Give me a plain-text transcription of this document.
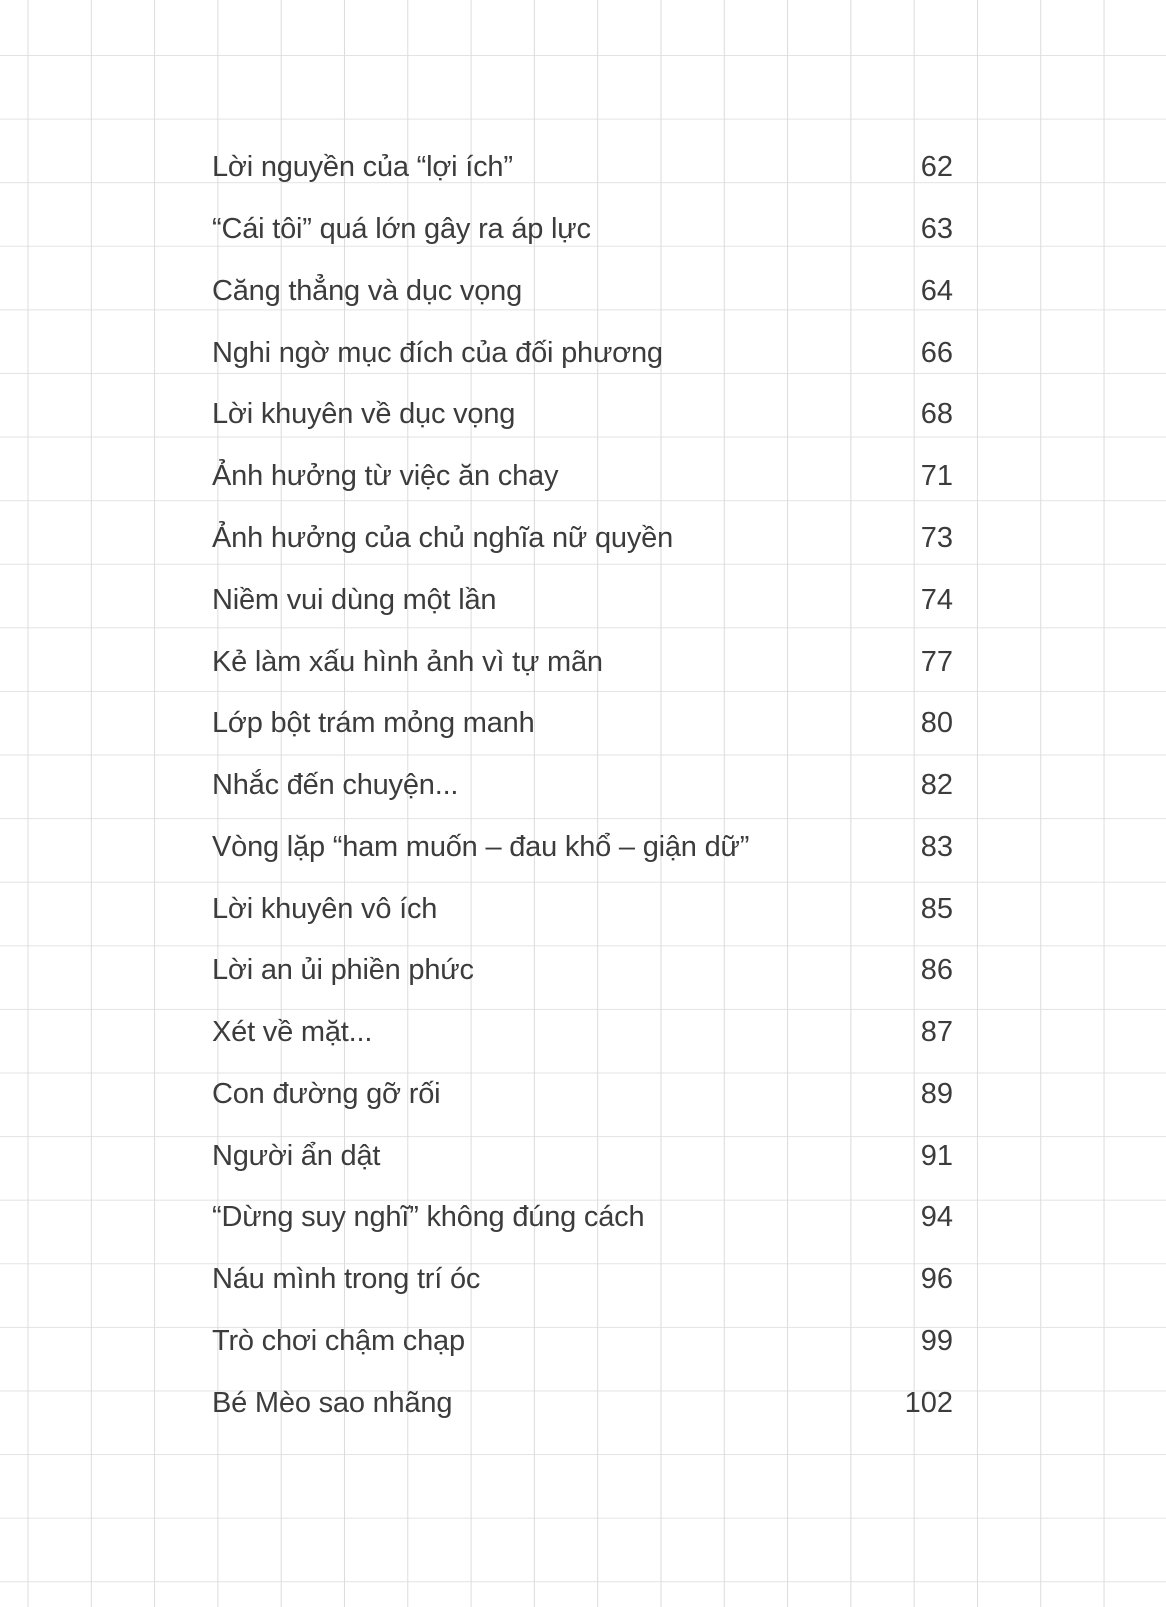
Lời nguyền của “lợi ích”	62
“Cái tôi” quá lớn gây ra áp lực	63
Căng thẳng và dục vọng	64
Nghi ngờ mục đích của đối phương	66
Lời khuyên về dục vọng	68
Ảnh hưởng từ việc ăn chay	71
Ảnh hưởng của chủ nghĩa nữ quyền	73
Niềm vui dùng một lần	74
Kẻ làm xấu hình ảnh vì tự mãn	77
Lớp bột trám mỏng manh	80
Nhắc đến chuyện...	82
Vòng lặp “ham muốn – đau khổ – giận dữ”	83
Lời khuyên vô ích	85
Lời an ủi phiền phức	86
Xét về mặt...	87
Con đường gỡ rối	89
Người ẩn dật	91
“Dừng suy nghĩ” không đúng cách	94
Náu mình trong trí óc	96
Trò chơi chậm chạp	99
Bé Mèo sao nhãng	102
